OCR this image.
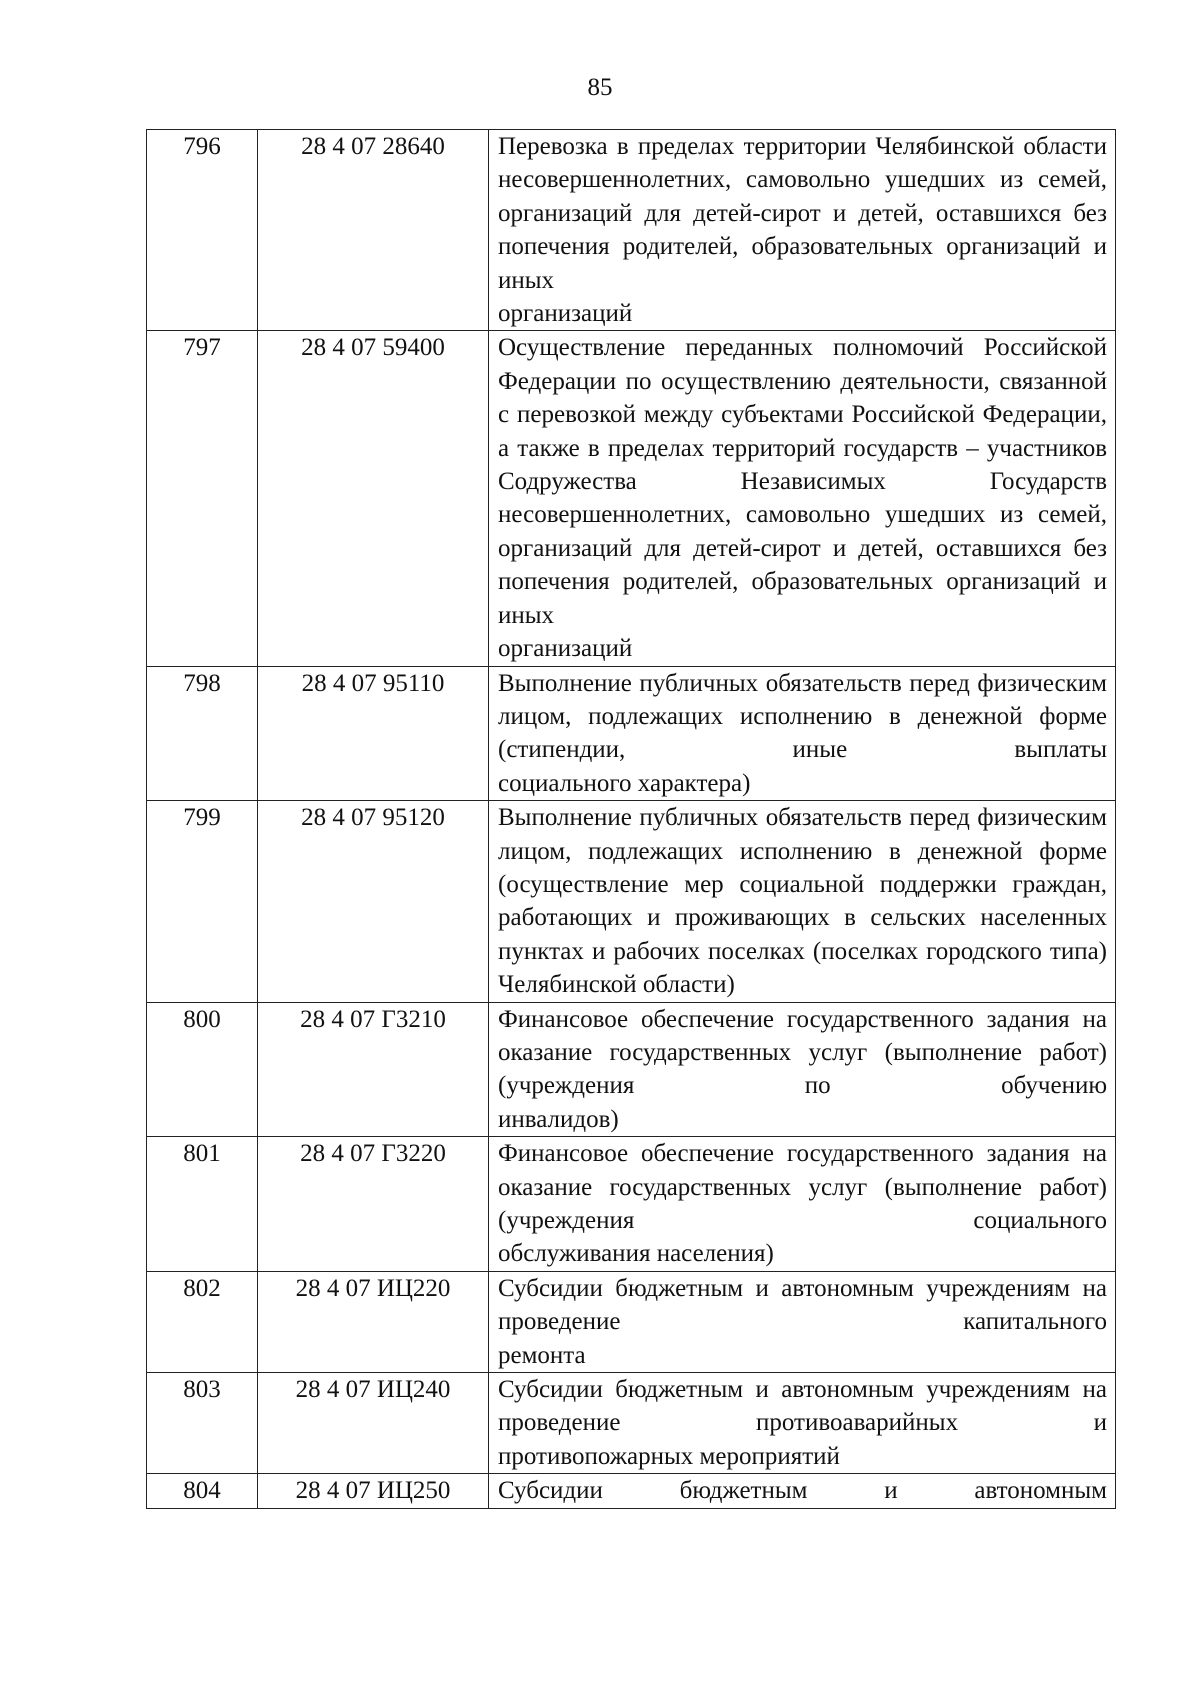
85
796	28 4 07 28640	Перевозка в пределах территории Челябинской области несовершеннолетних, самовольно ушедших из семей, организаций для детей-сирот и детей, оставшихся без попечения родителей, образовательных организаций и иных
организаций

797	28 4 07 59400	Осуществление переданных полномочий Российской Федерации по осуществлению деятельности, связанной с перевозкой между субъектами Российской Федерации, а также в пределах территорий государств – участников Содружества Независимых Государств несовершеннолетних, самовольно ушедших из семей, организаций для детей-сирот и детей, оставшихся без попечения родителей, образовательных организаций и иных
организаций

798	28 4 07 95110	Выполнение публичных обязательств перед физическим лицом, подлежащих исполнению в денежной форме (стипендии, иные выплаты
социального характера)

799	28 4 07 95120	Выполнение публичных обязательств перед физическим лицом, подлежащих исполнению в денежной форме (осуществление мер социальной поддержки граждан, работающих и проживающих в сельских населенных пунктах и рабочих поселках (поселках городского типа)
Челябинской области)

800	28 4 07 Г3210	Финансовое обеспечение государственного задания на оказание государственных услуг (выполнение работ) (учреждения по обучению
инвалидов)

801	28 4 07 Г3220	Финансовое обеспечение государственного задания на оказание государственных услуг (выполнение работ) (учреждения социального
обслуживания населения)

802	28 4 07 ИЦ220	Субсидии бюджетным и автономным учреждениям на проведение капитального
ремонта

803	28 4 07 ИЦ240	Субсидии бюджетным и автономным учреждениям на проведение противоаварийных и
противопожарных мероприятий

804	28 4 07 ИЦ250	Субсидии бюджетным и автономным
